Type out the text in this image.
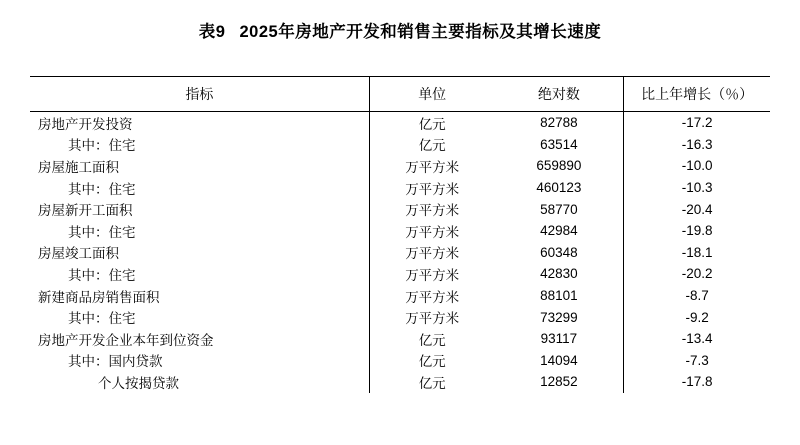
表9 2025年房地产开发和销售主要指标及其增长速度
指标	单位	绝对数	比上年增长（％）
房地产开发投资	亿元	82788	-17.2
其中：住宅	亿元	63514	-16.3
房屋施工面积	万平方米	659890	-10.0
其中：住宅	万平方米	460123	-10.3
房屋新开工面积	万平方米	58770	-20.4
其中：住宅	万平方米	42984	-19.8
房屋竣工面积	万平方米	60348	-18.1
其中：住宅	万平方米	42830	-20.2
新建商品房销售面积	万平方米	88101	-8.7
其中：住宅	万平方米	73299	-9.2
房地产开发企业本年到位资金	亿元	93117	-13.4
其中：国内贷款	亿元	14094	-7.3
个人按揭贷款	亿元	12852	-17.8
